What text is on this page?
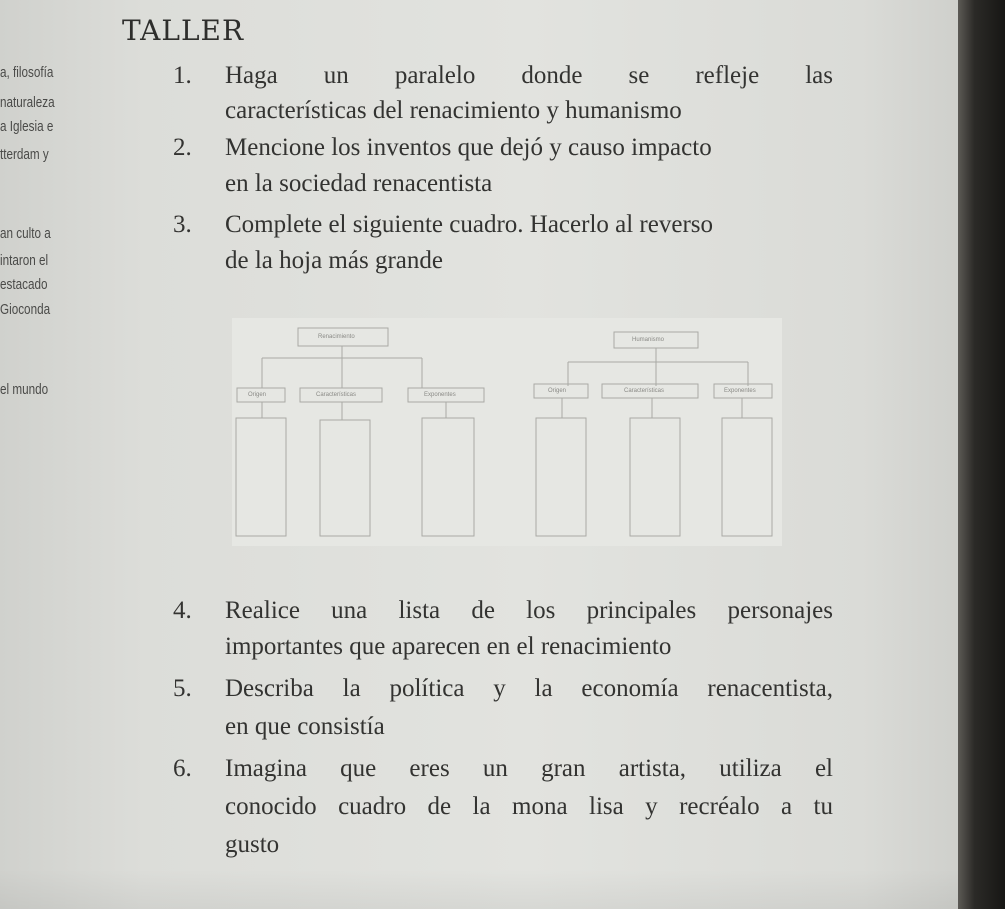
a, filosofía
naturaleza
a Iglesia e
tterdam y
an culto a
intaron el
estacado
Gioconda
el mundo
TALLER
1. Haga un paralelo donde se refleje las
características del renacimiento y humanismo
2. Mencione los inventos que dejó y causo impacto
en la sociedad renacentista
3. Complete el siguiente cuadro. Hacerlo al reverso
de la hoja más grande
Renacimiento	Humanismo
Origen	Características	Exponentes
Origen	Características	Exponentes
4. Realice una lista de los principales personajes
importantes que aparecen en el renacimiento
5. Describa la política y la economía renacentista,
en que consistía
6. Imagina que eres un gran artista, utiliza el
conocido cuadro de la mona lisa y recréalo a tu
gusto
